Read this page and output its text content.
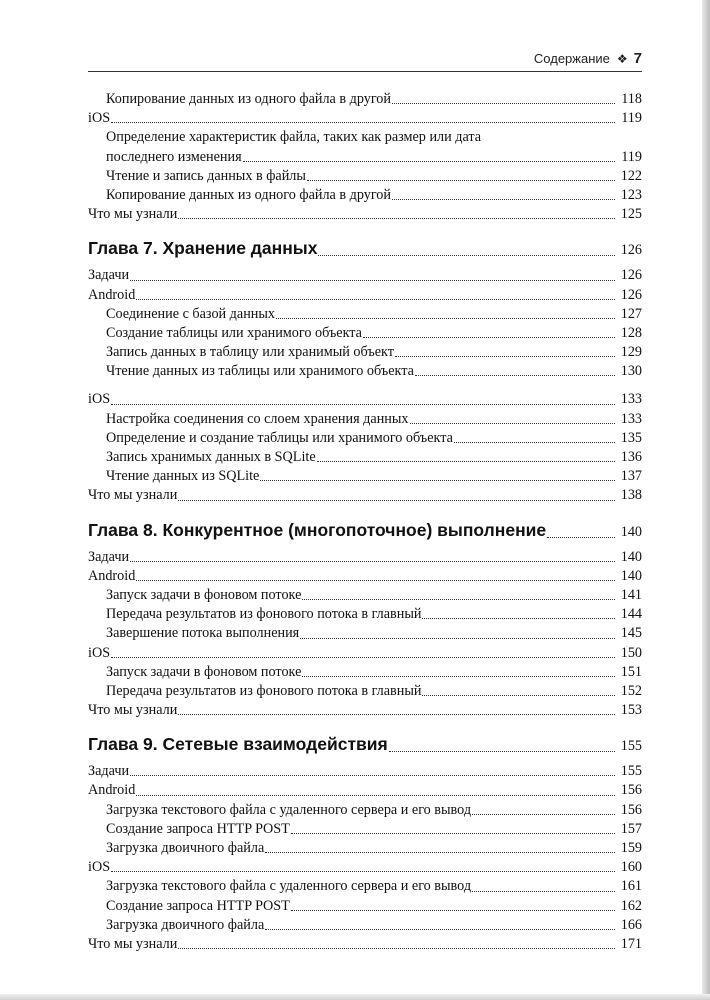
Содержание ❖ 7
Копирование данных из одного файла в другой	118
iOS	119
Определение характеристик файла, таких как размер или дата
последнего изменения	119
Чтение и запись данных в файлы	122
Копирование данных из одного файла в другой	123
Что мы узнали	125
Глава 7. Хранение данных	126
Задачи	126
Android	126
Соединение с базой данных	127
Создание таблицы или хранимого объекта	128
Запись данных в таблицу или хранимый объект	129
Чтение данных из таблицы или хранимого объекта	130
iOS	133
Настройка соединения со слоем хранения данных	133
Определение и создание таблицы или хранимого объекта	135
Запись хранимых данных в SQLite	136
Чтение данных из SQLite	137
Что мы узнали	138
Глава 8. Конкурентное (многопоточное) выполнение	140
Задачи	140
Android	140
Запуск задачи в фоновом потоке	141
Передача результатов из фонового потока в главный	144
Завершение потока выполнения	145
iOS	150
Запуск задачи в фоновом потоке	151
Передача результатов из фонового потока в главный	152
Что мы узнали	153
Глава 9. Сетевые взаимодействия	155
Задачи	155
Android	156
Загрузка текстового файла с удаленного сервера и его вывод	156
Создание запроса HTTP POST	157
Загрузка двоичного файла	159
iOS	160
Загрузка текстового файла с удаленного сервера и его вывод	161
Создание запроса HTTP POST	162
Загрузка двоичного файла	166
Что мы узнали	171
